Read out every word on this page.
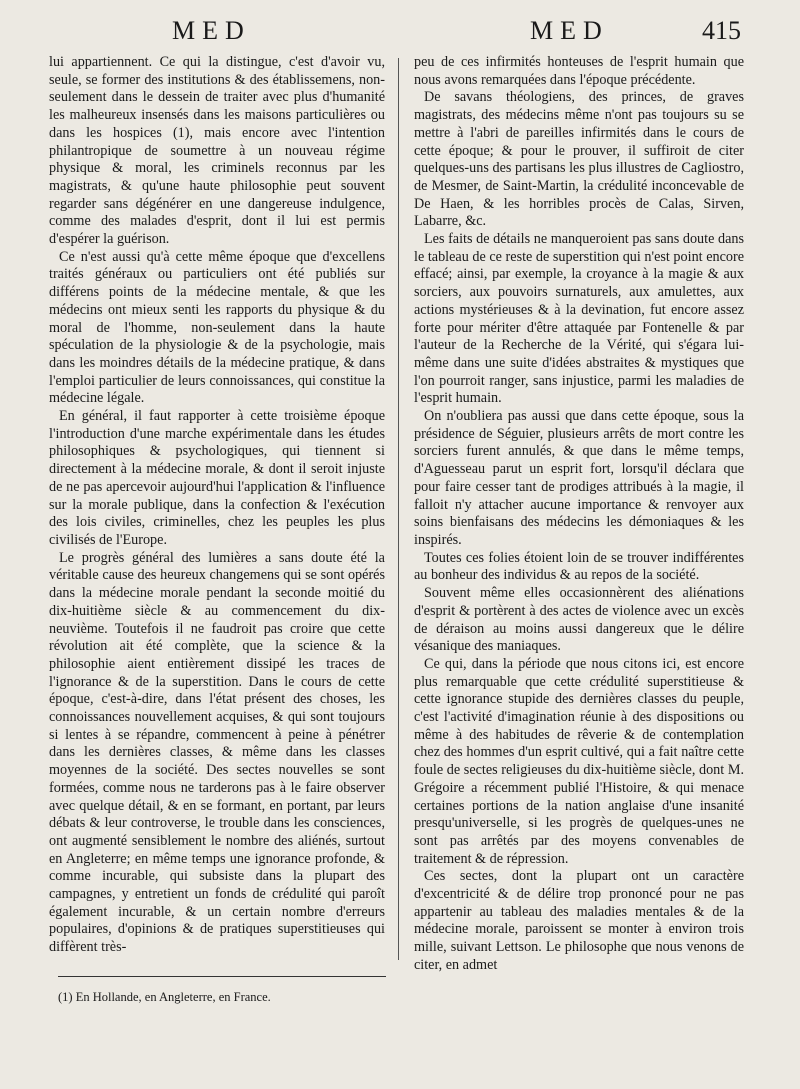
MED	MED	415

lui appartiennent. Ce qui la distingue, c'est d'avoir vu, seule, se former des institutions & des établissemens, non-seulement dans le dessein de traiter avec plus d'humanité les malheureux insensés dans les maisons particulières ou dans les hospices (1), mais encore avec l'intention philantropique de soumettre à un nouveau régime physique & moral, les criminels reconnus par les magistrats, & qu'une haute philosophie peut souvent regarder sans dégénérer en une dangereuse indulgence, comme des malades d'esprit, dont il lui est permis d'espérer la guérison.

Ce n'est aussi qu'à cette même époque que d'excellens traités généraux ou particuliers ont été publiés sur différens points de la médecine mentale, & que les médecins ont mieux senti les rapports du physique & du moral de l'homme, non-seulement dans la haute spéculation de la physiologie & de la psychologie, mais dans les moindres détails de la médecine pratique, & dans l'emploi particulier de leurs connoissances, qui constitue la médecine légale.

En général, il faut rapporter à cette troisième époque l'introduction d'une marche expérimentale dans les études philosophiques & psychologiques, qui tiennent si directement à la médecine morale, & dont il seroit injuste de ne pas apercevoir aujourd'hui l'application & l'influence sur la morale publique, dans la confection & l'exécution des lois civiles, criminelles, chez les peuples les plus civilisés de l'Europe.

Le progrès général des lumières a sans doute été la véritable cause des heureux changemens qui se sont opérés dans la médecine morale pendant la seconde moitié du dix-huitième siècle & au commencement du dix-neuvième. Toutefois il ne faudroit pas croire que cette révolution ait été complète, que la science & la philosophie aient entièrement dissipé les traces de l'ignorance & de la superstition. Dans le cours de cette époque, c'est-à-dire, dans l'état présent des choses, les connoissances nouvellement acquises, & qui sont toujours si lentes à se répandre, commencent à peine à pénétrer dans les dernières classes, & même dans les classes moyennes de la société. Des sectes nouvelles se sont formées, comme nous ne tarderons pas à le faire observer avec quelque détail, & en se formant, en portant, par leurs débats & leur controverse, le trouble dans les consciences, ont augmenté sensiblement le nombre des aliénés, surtout en Angleterre; en même temps une ignorance profonde, & comme incurable, qui subsiste dans la plupart des campagnes, y entretient un fonds de crédulité qui paroît également incurable, & un certain nombre d'erreurs populaires, d'opinions & de pratiques superstitieuses qui diffèrent très-

peu de ces infirmités honteuses de l'esprit humain que nous avons remarquées dans l'époque précédente.

De savans théologiens, des princes, de graves magistrats, des médecins même n'ont pas toujours su se mettre à l'abri de pareilles infirmités dans le cours de cette époque; & pour le prouver, il suffiroit de citer quelques-uns des partisans les plus illustres de Cagliostro, de Mesmer, de Saint-Martin, la crédulité inconcevable de De Haen, & les horribles procès de Calas, Sirven, Labarre, &c.

Les faits de détails ne manqueroient pas sans doute dans le tableau de ce reste de superstition qui n'est point encore effacé; ainsi, par exemple, la croyance à la magie & aux sorciers, aux pouvoirs surnaturels, aux amulettes, aux actions mystérieuses & à la devination, fut encore assez forte pour mériter d'être attaquée par Fontenelle & par l'auteur de la Recherche de la Vérité, qui s'égara lui-même dans une suite d'idées abstraites & mystiques que l'on pourroit ranger, sans injustice, parmi les maladies de l'esprit humain.

On n'oubliera pas aussi que dans cette époque, sous la présidence de Séguier, plusieurs arrêts de mort contre les sorciers furent annulés, & que dans le même temps, d'Aguesseau parut un esprit fort, lorsqu'il déclara que pour faire cesser tant de prodiges attribués à la magie, il falloit n'y attacher aucune importance & renvoyer aux soins bienfaisans des médecins les démoniaques & les inspirés.

Toutes ces folies étoient loin de se trouver indifférentes au bonheur des individus & au repos de la société.

Souvent même elles occasionnèrent des aliénations d'esprit & portèrent à des actes de violence avec un excès de déraison au moins aussi dangereux que le délire vésanique des maniaques.

Ce qui, dans la période que nous citons ici, est encore plus remarquable que cette crédulité superstitieuse & cette ignorance stupide des dernières classes du peuple, c'est l'activité d'imagination réunie à des dispositions ou même à des habitudes de rêverie & de contemplation chez des hommes d'un esprit cultivé, qui a fait naître cette foule de sectes religieuses du dix-huitième siècle, dont M. Grégoire a récemment publié l'Histoire, & qui menace certaines portions de la nation anglaise d'une insanité presqu'universelle, si les progrès de quelques-unes ne sont pas arrêtés par des moyens convenables de traitement & de répression.

Ces sectes, dont la plupart ont un caractère d'excentricité & de délire trop prononcé pour ne pas appartenir au tableau des maladies mentales & de la médecine morale, paroissent se monter à environ trois mille, suivant Lettson. Le philosophe que nous venons de citer, en admet

(1) En Hollande, en Angleterre, en France.
